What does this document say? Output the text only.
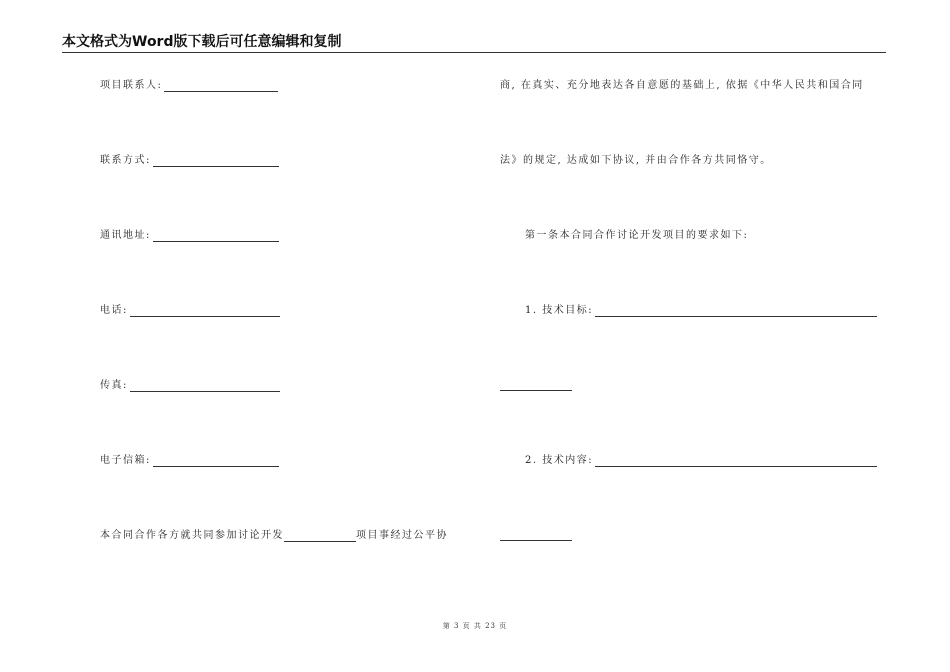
本文格式为Word版下载后可任意编辑和复制
项目联系人:
联系方式:
通讯地址:
电话:
传真:
电子信箱:
本合同合作各方就共同参加讨论开发	项目事经过公平协
商, 在真实、充分地表达各自意愿的基础上, 依据《中华人民共和国合同
法》的规定, 达成如下协议, 并由合作各方共同恪守。
第一条本合同合作讨论开发项目的要求如下:
1. 技术目标:
2. 技术内容:
第 3 页 共 23 页
